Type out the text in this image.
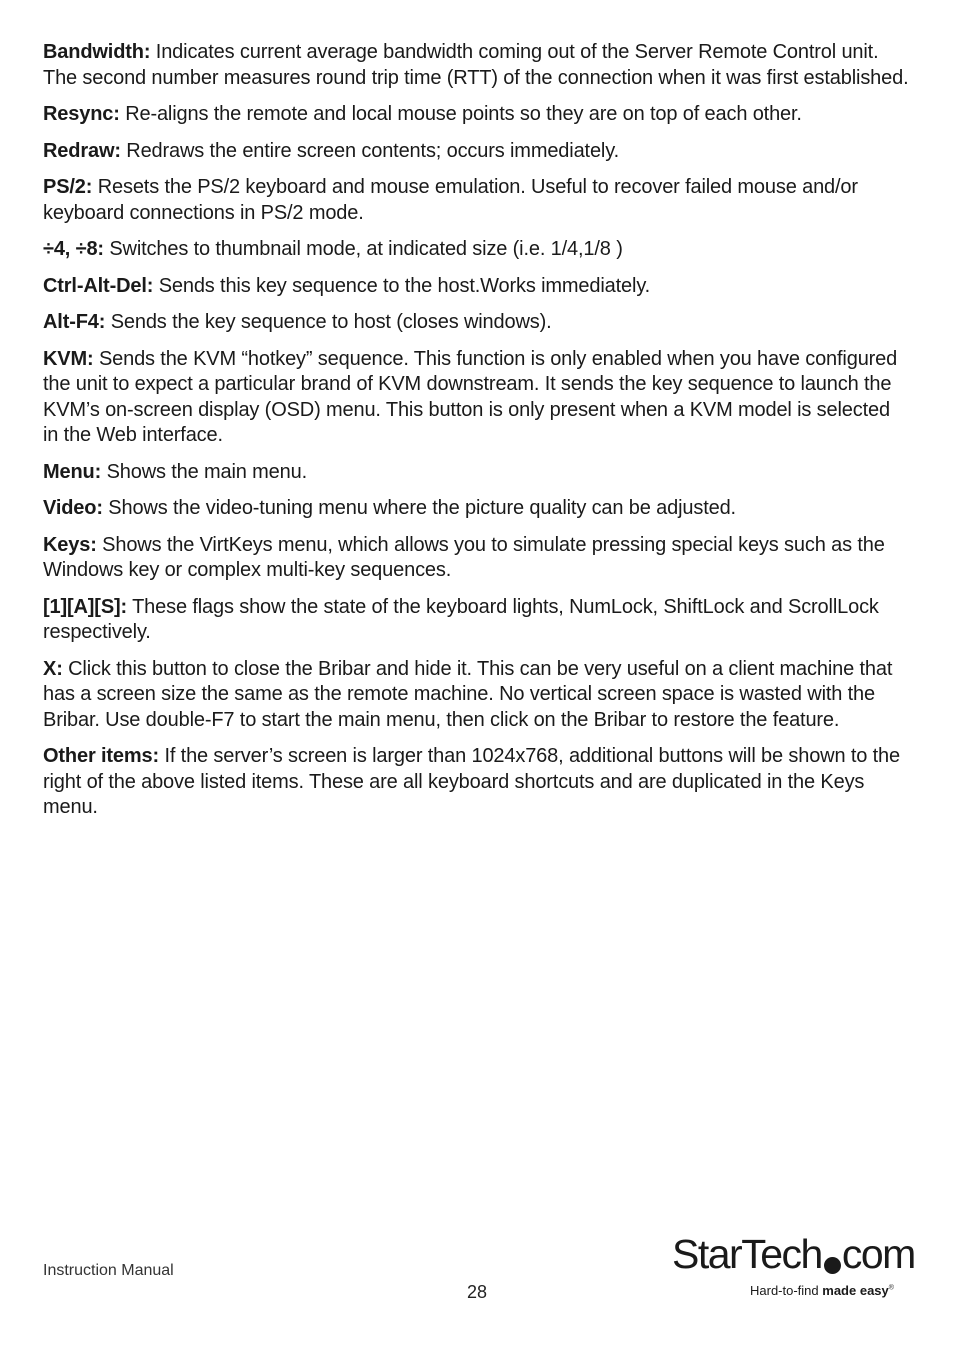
Bandwidth: Indicates current average bandwidth coming out of the Server Remote Control unit. The second number measures round trip time (RTT) of the connection when it was first established.

Resync: Re-aligns the remote and local mouse points so they are on top of each other.

Redraw: Redraws the entire screen contents; occurs immediately.

PS/2: Resets the PS/2 keyboard and mouse emulation. Useful to recover failed mouse and/or keyboard connections in PS/2 mode.

÷4, ÷8: Switches to thumbnail mode, at indicated size (i.e. 1/4,1/8 )

Ctrl-Alt-Del: Sends this key sequence to the host.Works immediately.

Alt-F4: Sends the key sequence to host (closes windows).

KVM: Sends the KVM “hotkey” sequence. This function is only enabled when you have configured the unit to expect a particular brand of KVM downstream. It sends the key sequence to launch the KVM’s on-screen display (OSD) menu. This button is only present when a KVM model is selected in the Web interface.

Menu: Shows the main menu.

Video: Shows the video-tuning menu where the picture quality can be adjusted.

Keys: Shows the VirtKeys menu, which allows you to simulate pressing special keys such as the Windows key or complex multi-key sequences.

[1][A][S]: These flags show the state of the keyboard lights, NumLock, ShiftLock and ScrollLock respectively.

X: Click this button to close the Bribar and hide it. This can be very useful on a client machine that has a screen size the same as the remote machine. No vertical screen space is wasted with the Bribar. Use double-F7 to start the main menu, then click on the Bribar to restore the feature.

Other items: If the server’s screen is larger than 1024x768, additional buttons will be shown to the right of the above listed items. These are all keyboard shortcuts and are duplicated in the Keys menu.

Instruction Manual
28
StarTech com
Hard-to-find made easy®
